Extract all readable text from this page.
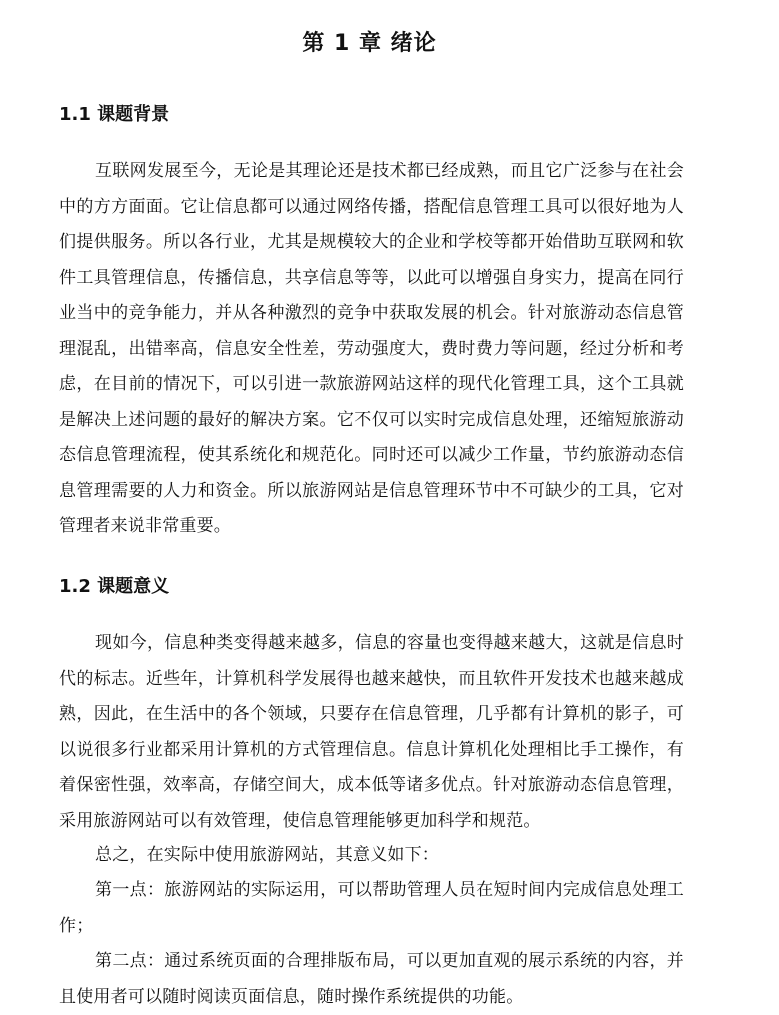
第 1 章 绪论
1.1 课题背景

互联网发展至今，无论是其理论还是技术都已经成熟，而且它广泛参与在社会中的方方面面。它让信息都可以通过网络传播，搭配信息管理工具可以很好地为人们提供服务。所以各行业，尤其是规模较大的企业和学校等都开始借助互联网和软件工具管理信息，传播信息，共享信息等等，以此可以增强自身实力，提高在同行业当中的竞争能力，并从各种激烈的竞争中获取发展的机会。针对旅游动态信息管理混乱，出错率高，信息安全性差，劳动强度大，费时费力等问题，经过分析和考虑，在目前的情况下，可以引进一款旅游网站这样的现代化管理工具，这个工具就是解决上述问题的最好的解决方案。它不仅可以实时完成信息处理，还缩短旅游动态信息管理流程，使其系统化和规范化。同时还可以减少工作量，节约旅游动态信息管理需要的人力和资金。所以旅游网站是信息管理环节中不可缺少的工具，它对管理者来说非常重要。

1.2 课题意义

现如今，信息种类变得越来越多，信息的容量也变得越来越大，这就是信息时代的标志。近些年，计算机科学发展得也越来越快，而且软件开发技术也越来越成熟，因此，在生活中的各个领域，只要存在信息管理，几乎都有计算机的影子，可以说很多行业都采用计算机的方式管理信息。信息计算机化处理相比手工操作，有着保密性强，效率高，存储空间大，成本低等诸多优点。针对旅游动态信息管理，采用旅游网站可以有效管理，使信息管理能够更加科学和规范。

总之，在实际中使用旅游网站，其意义如下：

第一点：旅游网站的实际运用，可以帮助管理人员在短时间内完成信息处理工作；

第二点：通过系统页面的合理排版布局，可以更加直观的展示系统的内容，并且使用者可以随时阅读页面信息，随时操作系统提供的功能。
